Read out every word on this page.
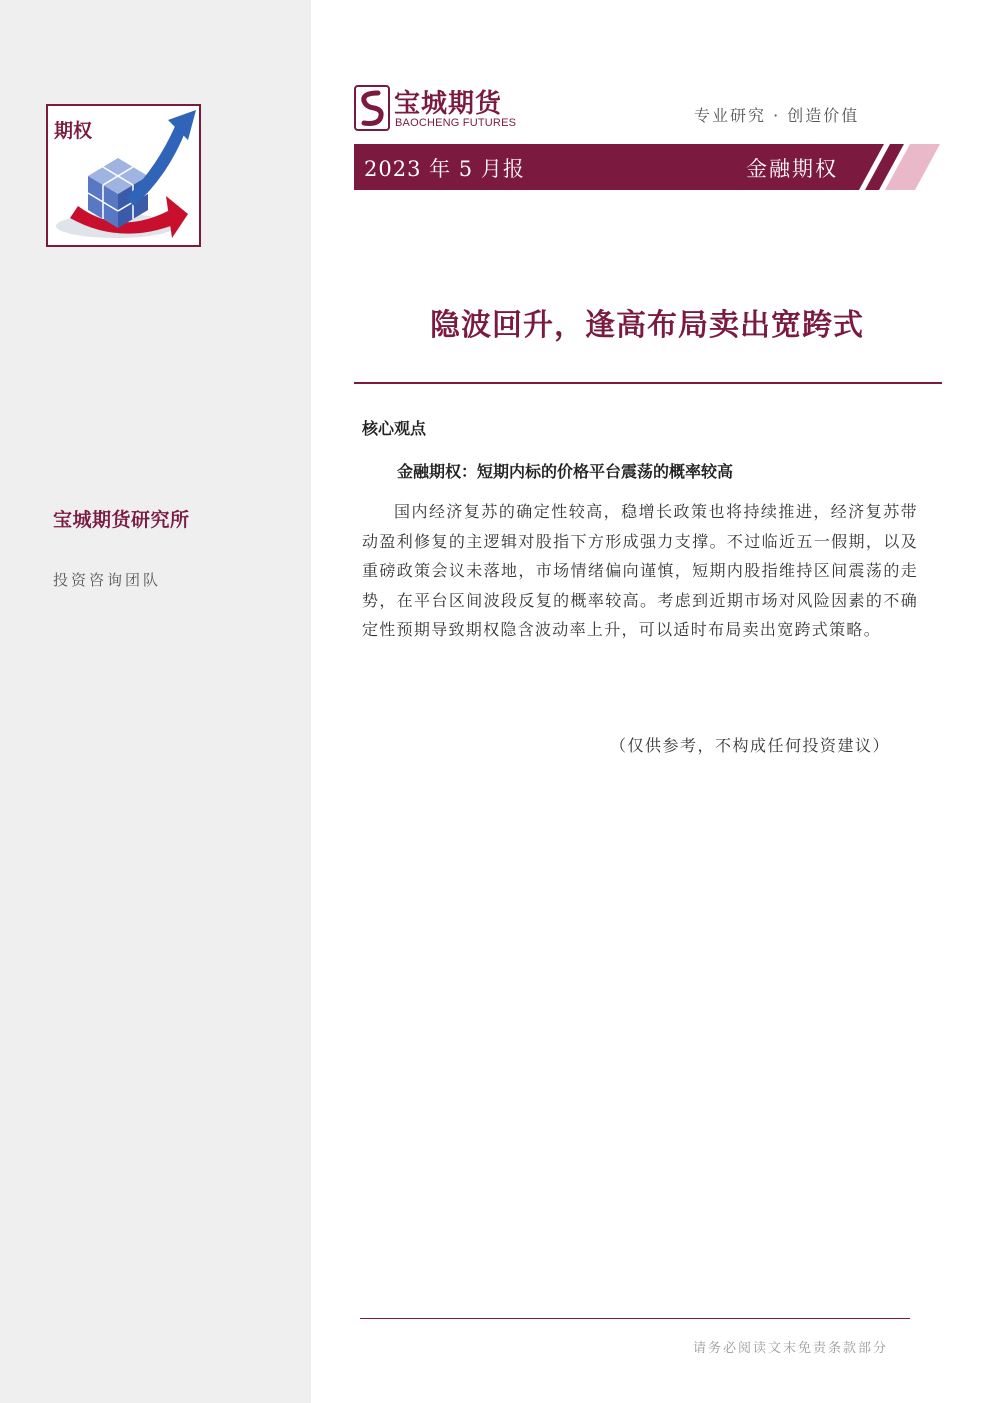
期权
宝城期货研究所
投资咨询团队
宝城期货
BAOCHENG FUTURES	专业研究 · 创造价值
2023 年 5 月报	金融期权
隐波回升，逢高布局卖出宽跨式
核心观点
金融期权：短期内标的价格平台震荡的概率较高
国内经济复苏的确定性较高，稳增长政策也将持续推进，经济复苏带动盈利修复的主逻辑对股指下方形成强力支撑。不过临近五一假期，以及重磅政策会议未落地，市场情绪偏向谨慎，短期内股指维持区间震荡的走势，在平台区间波段反复的概率较高。考虑到近期市场对风险因素的不确定性预期导致期权隐含波动率上升，可以适时布局卖出宽跨式策略。
（仅供参考，不构成任何投资建议）
请务必阅读文末免责条款部分
